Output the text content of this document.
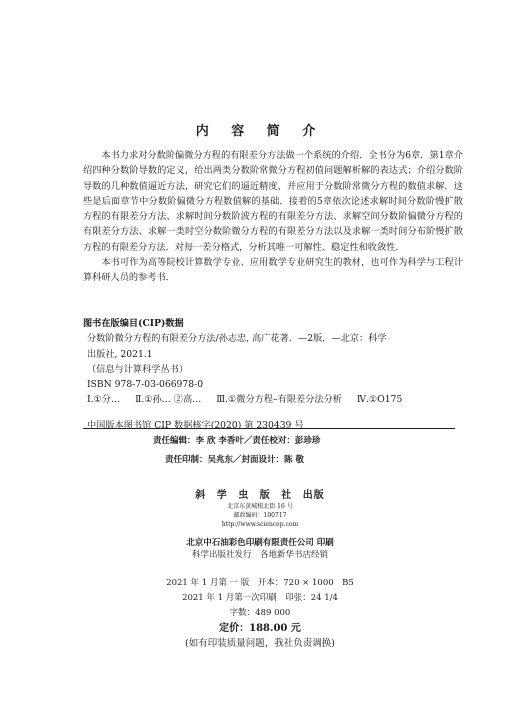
内 容 简 介

本书力求对分数阶偏微分方程的有限差分方法做一个系统的介绍．全书分为6章．第1章介绍四种分数阶导数的定义，给出两类分数阶常微分方程初值问题解析解的表达式；介绍分数阶导数的几种数值逼近方法，研究它们的逼近精度，并应用于分数阶常微分方程的数值求解．这些是后面章节中分数阶偏微分方程数值解的基础．接着的5章依次论述求解时间分数阶慢扩散方程的有限差分方法、求解时间分数阶波方程的有限差分方法、求解空间分数阶偏微分方程的有限差分方法、求解一类时空分数阶微分方程的有限差分方法以及求解一类时间分布阶慢扩散方程的有限差分方法．对每一差分格式，分析其唯一可解性、稳定性和收敛性．

本书可作为高等院校计算数学专业、应用数学专业研究生的教材，也可作为科学与工程计算科研人员的参考书．

图书在版编目(CIP)数据
分数阶微分方程的有限差分方法/孙志忠, 高广花著．—2版．—北京：科学
出版社, 2021.1
（信息与计算科学丛书）
ISBN 978-7-03-066978-0
Ⅰ.①分… Ⅱ.①孙… ②高… Ⅲ.①微分方程–有限差分法分析 Ⅳ.①O175
中国版本图书馆 CIP 数据核字(2020) 第 230439 号
责任编辑：李 欣 李香叶／责任校对：彭珍珍
责任印制：吴兆东／封面设计：陈 敬
斜 学 虫 版 社 出版
北京东黄城根北街 16 号
邮政编码：100717
http://www.sciencep.com
北京中石油彩色印刷有限责任公司 印刷
科学出版社发行　各地新华书店经销
2021 年 1 月第 一 版　开本：720 × 1000　B5
2021 年 1 月第一次印刷　印张：24 1/4
字数：489 000
定价：188.00 元
(如有印装质量问题，我社负责调换)
